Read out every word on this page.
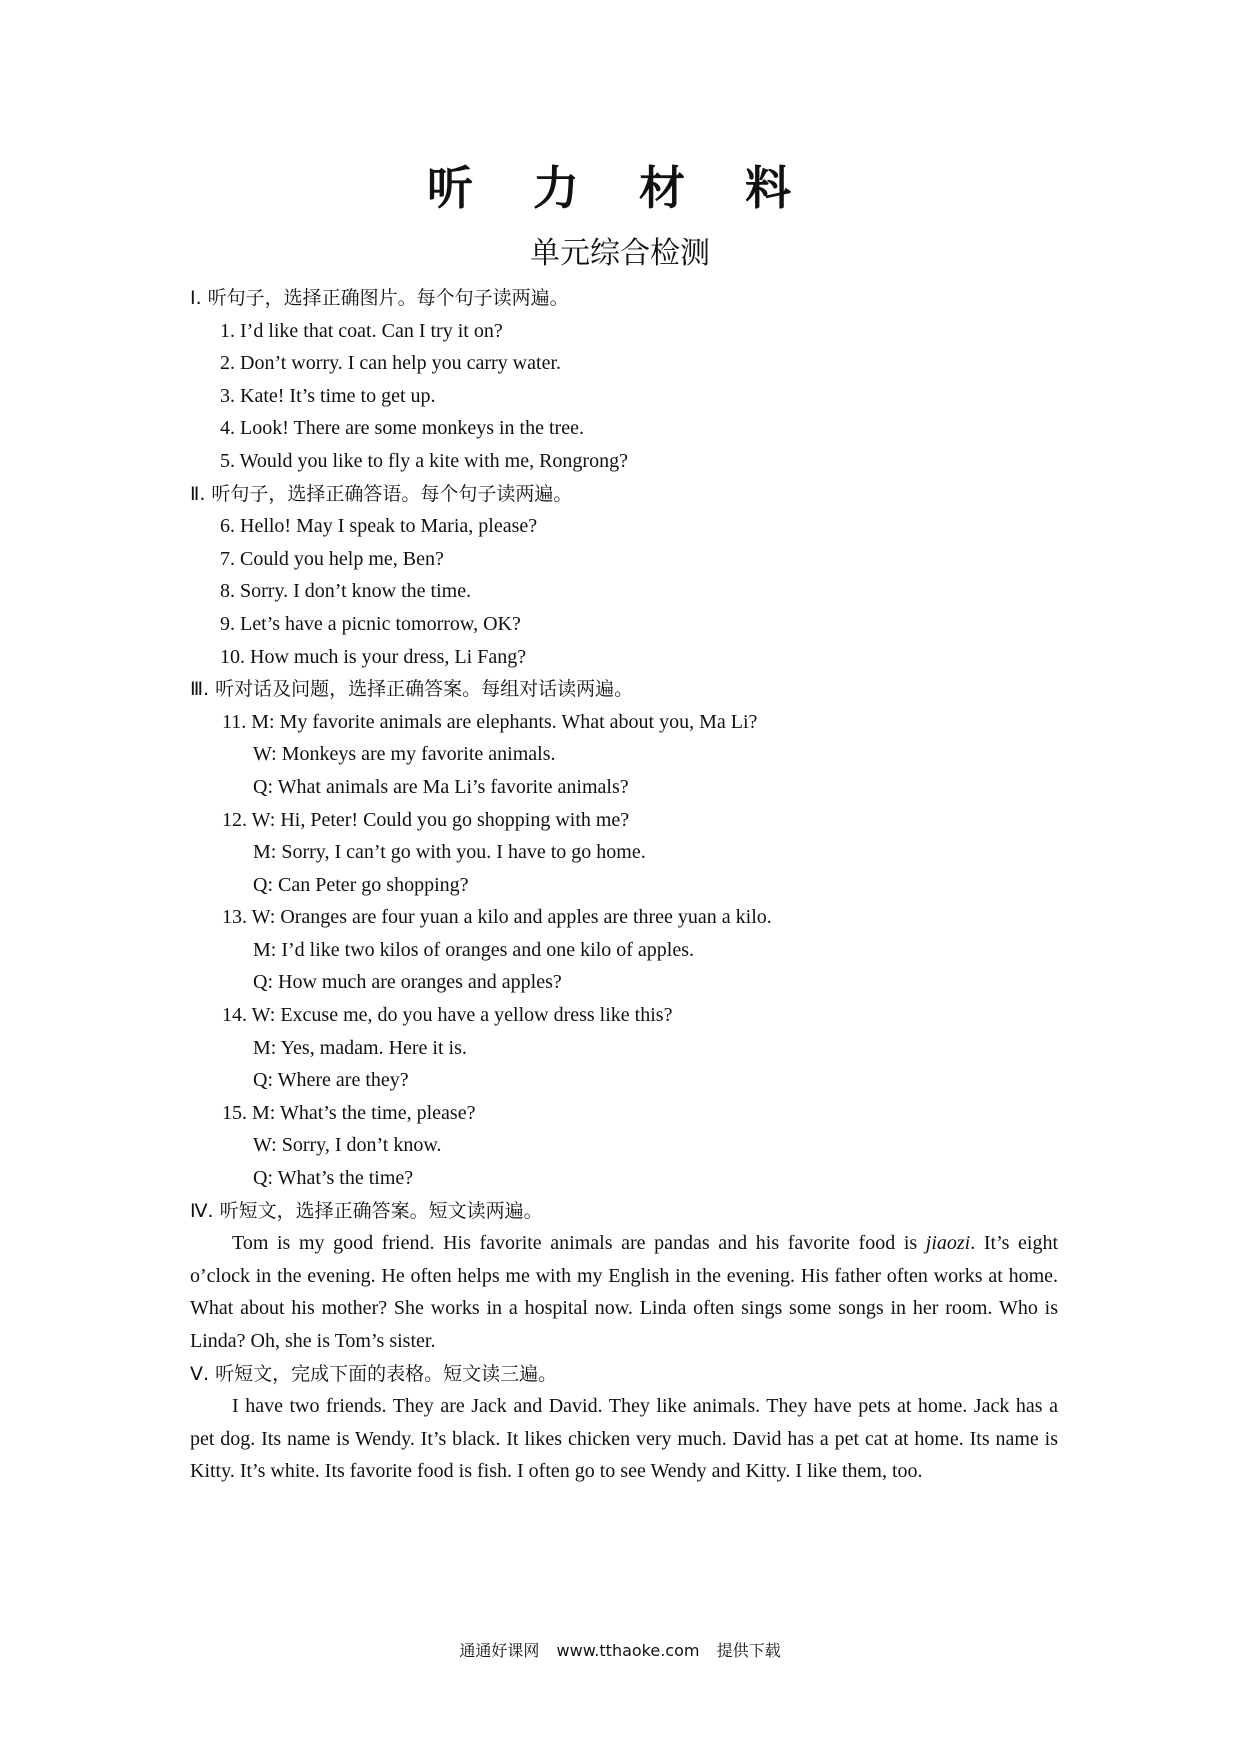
听 力 材 料
单元综合检测
Ⅰ. 听句子，选择正确图片。每个句子读两遍。
1. I’d like that coat. Can I try it on?
2. Don’t worry. I can help you carry water.
3. Kate! It’s time to get up.
4. Look! There are some monkeys in the tree.
5. Would you like to fly a kite with me, Rongrong?
Ⅱ. 听句子，选择正确答语。每个句子读两遍。
6. Hello! May I speak to Maria, please?
7. Could you help me, Ben?
8. Sorry. I don’t know the time.
9. Let’s have a picnic tomorrow, OK?
10. How much is your dress, Li Fang?
Ⅲ. 听对话及问题，选择正确答案。每组对话读两遍。
11. M: My favorite animals are elephants. What about you, Ma Li?
W: Monkeys are my favorite animals.
Q: What animals are Ma Li’s favorite animals?
12. W: Hi, Peter! Could you go shopping with me?
M: Sorry, I can’t go with you. I have to go home.
Q: Can Peter go shopping?
13. W: Oranges are four yuan a kilo and apples are three yuan a kilo.
M: I’d like two kilos of oranges and one kilo of apples.
Q: How much are oranges and apples?
14. W: Excuse me, do you have a yellow dress like this?
M: Yes, madam. Here it is.
Q: Where are they?
15. M: What’s the time, please?
W: Sorry, I don’t know.
Q: What’s the time?
Ⅳ. 听短文，选择正确答案。短文读两遍。

Tom is my good friend. His favorite animals are pandas and his favorite food is jiaozi. It’s eight o’clock in the evening. He often helps me with my English in the evening. His father often works at home. What about his mother? She works in a hospital now. Linda often sings some songs in her room. Who is Linda? Oh, she is Tom’s sister.

Ⅴ. 听短文，完成下面的表格。短文读三遍。

I have two friends. They are Jack and David. They like animals. They have pets at home. Jack has a pet dog. Its name is Wendy. It’s black. It likes chicken very much. David has a pet cat at home. Its name is Kitty. It’s white. Its favorite food is fish. I often go to see Wendy and Kitty. I like them, too.

通通好课网 www.tthaoke.com 提供下载
